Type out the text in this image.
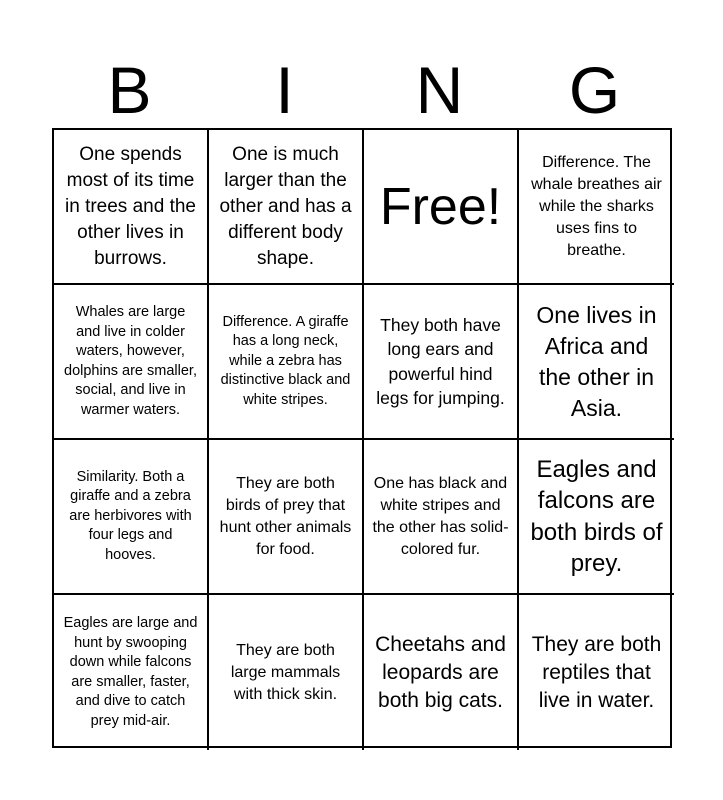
B	I	N	G
One spends most of its time in trees and the other lives in burrows.
One is much larger than the other and has a different body shape.
Free!
Difference. The whale breathes air while the sharks uses fins to breathe.
Whales are large and live in colder waters, however, dolphins are smaller, social, and live in warmer waters.
Difference. A giraffe has a long neck, while a zebra has distinctive black and white stripes.
They both have long ears and powerful hind legs for jumping.
One lives in Africa and the other in Asia.
Similarity. Both a giraffe and a zebra are herbivores with four legs and hooves.
They are both birds of prey that hunt other animals for food.
One has black and white stripes and the other has solid-colored fur.
Eagles and falcons are both birds of prey.
Eagles are large and hunt by swooping down while falcons are smaller, faster, and dive to catch prey mid-air.
They are both large mammals with thick skin.
Cheetahs and leopards are both big cats.
They are both reptiles that live in water.
